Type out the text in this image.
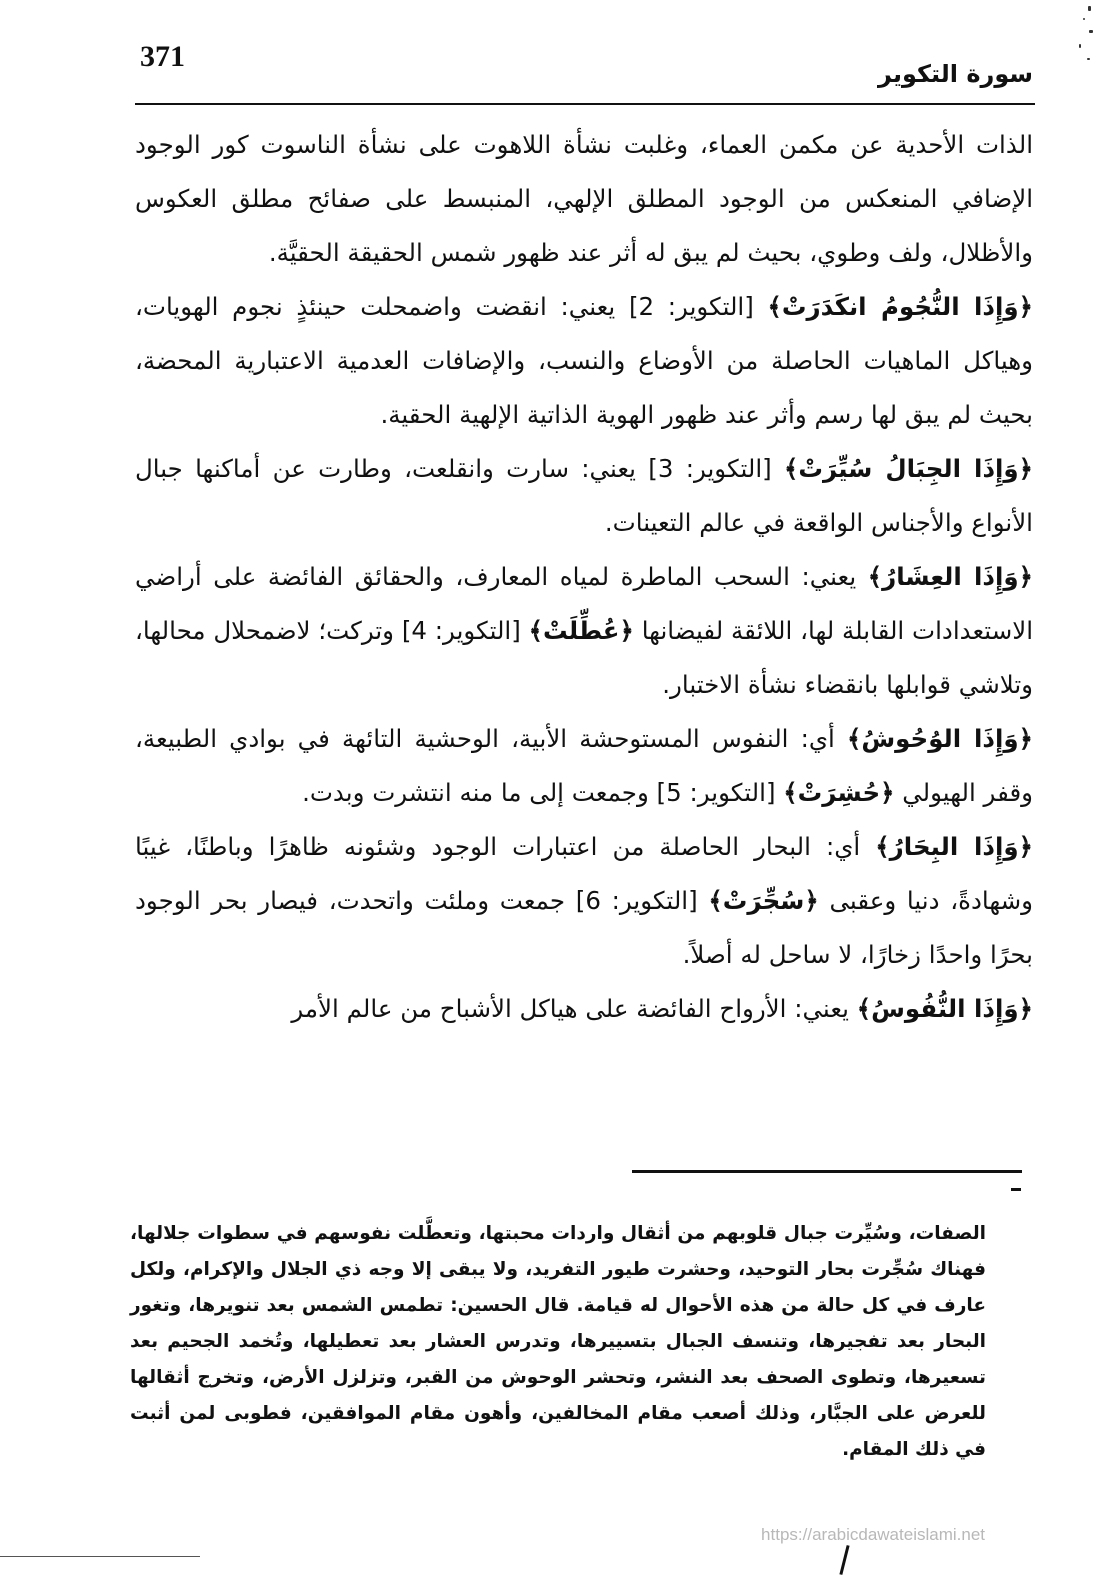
371
سورة التكوير

الذات الأحدية عن مكمن العماء، وغلبت نشأة اللاهوت على نشأة الناسوت كور الوجود الإضافي المنعكس من الوجود المطلق الإلهي، المنبسط على صفائح مطلق العكوس والأظلال، ولف وطوي، بحيث لم يبق له أثر عند ظهور شمس الحقيقة الحقيَّة.

﴿وَإِذَا النُّجُومُ انكَدَرَتْ﴾ [التكوير: 2] يعني: انقضت واضمحلت حينئذٍ نجوم الهويات، وهياكل الماهيات الحاصلة من الأوضاع والنسب، والإضافات العدمية الاعتبارية المحضة، بحيث لم يبق لها رسم وأثر عند ظهور الهوية الذاتية الإلهية الحقية.

﴿وَإِذَا الجِبَالُ سُيِّرَتْ﴾ [التكوير: 3] يعني: سارت وانقلعت، وطارت عن أماكنها جبال الأنواع والأجناس الواقعة في عالم التعينات.

﴿وَإِذَا العِشَارُ﴾ يعني: السحب الماطرة لمياه المعارف، والحقائق الفائضة على أراضي الاستعدادات القابلة لها، اللائقة لفيضانها ﴿عُطِّلَتْ﴾ [التكوير: 4] وتركت؛ لاضمحلال محالها، وتلاشي قوابلها بانقضاء نشأة الاختبار.

﴿وَإِذَا الوُحُوشُ﴾ أي: النفوس المستوحشة الأبية، الوحشية التائهة في بوادي الطبيعة، وقفر الهيولي ﴿حُشِرَتْ﴾ [التكوير: 5] وجمعت إلى ما منه انتشرت وبدت.

﴿وَإِذَا البِحَارُ﴾ أي: البحار الحاصلة من اعتبارات الوجود وشئونه ظاهرًا وباطنًا، غيبًا وشهادةً، دنيا وعقبى ﴿سُجِّرَتْ﴾ [التكوير: 6] جمعت وملئت واتحدت، فيصار بحر الوجود بحرًا واحدًا زخارًا، لا ساحل له أصلاً.

﴿وَإِذَا النُّفُوسُ﴾ يعني: الأرواح الفائضة على هياكل الأشباح من عالم الأمر

الصفات، وسُيِّرت جبال قلوبهم من أثقال واردات محبتها، وتعطَّلت نفوسهم في سطوات جلالها، فهناك سُجِّرت بحار التوحيد، وحشرت طيور التفريد، ولا يبقى إلا وجه ذي الجلال والإكرام، ولكل عارف في كل حالة من هذه الأحوال له قيامة. قال الحسين: تطمس الشمس بعد تنويرها، وتغور البحار بعد تفجيرها، وتنسف الجبال بتسييرها، وتدرس العشار بعد تعطيلها، وتُخمد الجحيم بعد تسعيرها، وتطوى الصحف بعد النشر، وتحشر الوحوش من القبر، وتزلزل الأرض، وتخرج أثقالها للعرض على الجبَّار، وذلك أصعب مقام المخالفين، وأهون مقام الموافقين، فطوبى لمن أثبت في ذلك المقام.
https://arabicdawateislami.net
